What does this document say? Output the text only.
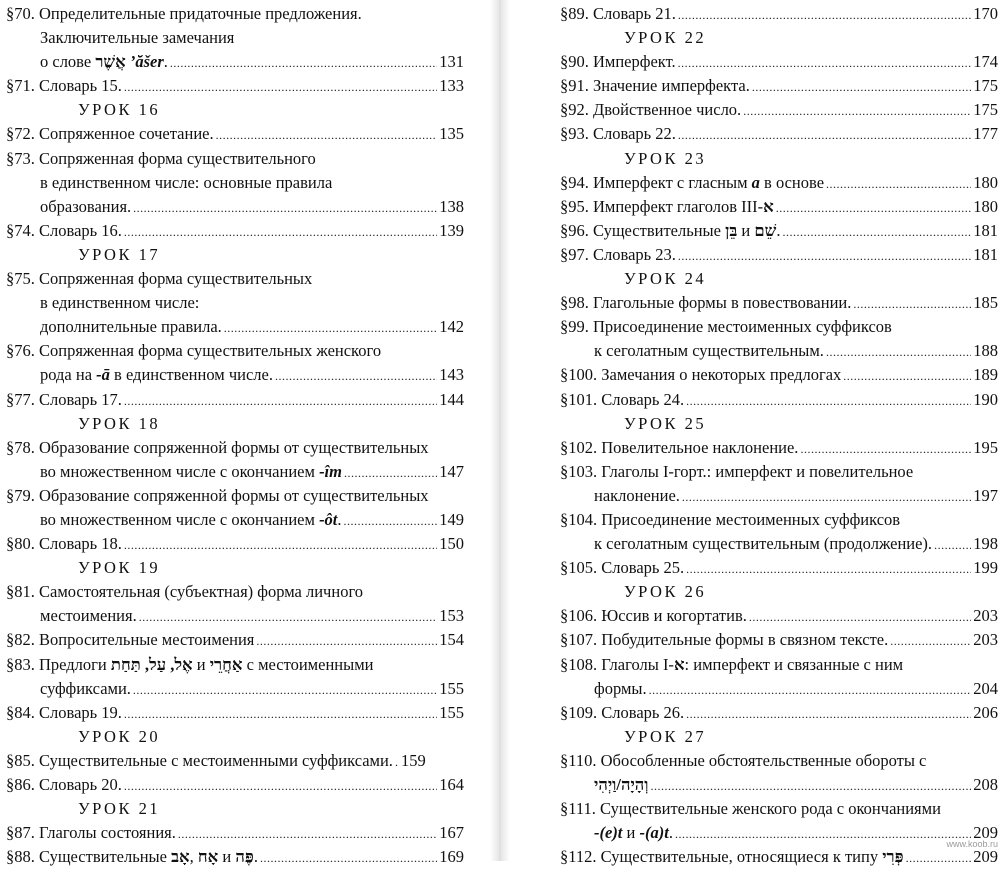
§70. Определительные придаточные предложения.
Заключительные замечания
о слове אֲשֶׁר ’ăšer. .....	131
§71. Словарь 15. .....	133
УРОК 16
§72. Сопряженное сочетание. .....	135
§73. Сопряженная форма существительного
в единственном числе: основные правила
образования. .....	138
§74. Словарь 16. .....	139
УРОК 17
§75. Сопряженная форма существительных
в единственном числе:
дополнительные правила. .....	142
§76. Сопряженная форма существительных женского
рода на -ā в единственном числе. .....	143
§77. Словарь 17. .....	144
УРОК 18
§78. Образование сопряженной формы от существительных
во множественном числе с окончанием -îm .....	147
§79. Образование сопряженной формы от существительных
во множественном числе с окончанием -ôt. .....	149
§80. Словарь 18. .....	150
УРОК 19
§81. Самостоятельная (субъектная) форма личного
местоимения. .....	153
§82. Вопросительные местоимения .....	154
§83. Предлоги אֶל, עַל, תַּחַת и אַחֲרֵי с местоименными
суффиксами. .....	155
§84. Словарь 19. .....	155
УРОК 20
§85. Существительные с местоименными суффиксами. ..... 159
§86. Словарь 20. .....	164
УРОК 21
§87. Глаголы состояния. .....	167
§88. Существительные אָב, אָח и פֶּה. .....	169
§89. Словарь 21. .....	170
УРОК 22
§90. Имперфект. .....	174
§91. Значение имперфекта. .....	175
§92. Двойственное число. .....	175
§93. Словарь 22. .....	177
УРОК 23
§94. Имперфект с гласным a в основе .....	180
§95. Имперфект глаголов III-א .....	180
§96. Существительные בֵּן и שֵׁם. .....	181
§97. Словарь 23. .....	181
УРОК 24
§98. Глагольные формы в повествовании. .....	185
§99. Присоединение местоименных суффиксов
к сеголатным существительным. .....	188
§100. Замечания о некоторых предлогах .....	189
§101. Словарь 24. .....	190
УРОК 25
§102. Повелительное наклонение. .....	195
§103. Глаголы I-горт.: имперфект и повелительное
наклонение. .....	197
§104. Присоединение местоименных суффиксов
к сеголатным существительным (продолжение). ..... 198
§105. Словарь 25. .....	199
УРОК 26
§106. Юссив и когортатив. .....	203
§107. Побудительные формы в связном тексте. .....	203
§108. Глаголы I-א: имперфект и связанные с ним
формы. .....	204
§109. Словарь 26. .....	206
УРОК 27
§110. Обособленные обстоятельственные обороты с
וְהָיָה/וַיְהִי .....	208
§111. Существительные женского рода с окончаниями
-(e)t и -(a)t. .....	209
§112. Существительные, относящиеся к типу פְּרִי .....	209
www.koob.ru
